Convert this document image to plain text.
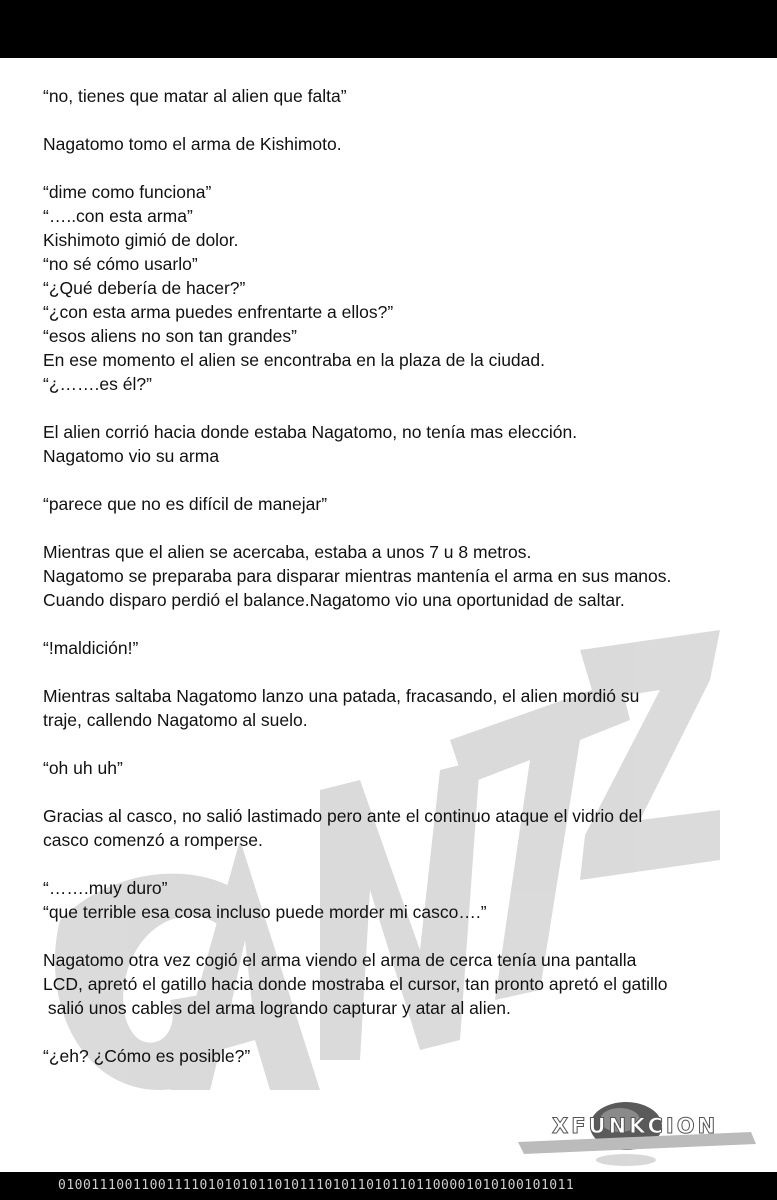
GANTZ
“no, tienes que matar al alien que falta”
Nagatomo tomo el arma de Kishimoto.
“dime como funciona”
“…..con esta arma”
Kishimoto gimió de dolor.
“no sé cómo usarlo”
“¿Qué debería de hacer?”
“¿con esta arma puedes enfrentarte a ellos?”
“esos aliens no son tan grandes”
En ese momento el alien se encontraba en la plaza de la ciudad.
“¿…….es él?”
El alien corrió hacia donde estaba Nagatomo, no tenía mas elección.
Nagatomo vio su arma
“parece que no es difícil de manejar”
Mientras que el alien se acercaba, estaba a unos 7 u 8 metros.
Nagatomo se preparaba para disparar mientras mantenía el arma en sus manos.
Cuando disparo perdió el balance.Nagatomo vio una oportunidad de saltar.
“!maldición!”
Mientras saltaba Nagatomo lanzo una patada, fracasando, el alien mordió su
traje, callendo Nagatomo al suelo.
“oh uh uh”
Gracias al casco, no salió lastimado pero ante el continuo ataque el vidrio del
casco comenzó a romperse.
“…….muy duro”
“que terrible esa cosa incluso puede morder mi casco….”
Nagatomo otra vez cogió el arma viendo el arma de cerca tenía una pantalla
LCD, apretó el gatillo hacia donde mostraba el cursor, tan pronto apretó el gatillo
salió unos cables del arma logrando capturar y atar al alien.
“¿eh? ¿Cómo es posible?”
XFUNKCION
01001110011001111010101011010111010110101101100001010100101011
